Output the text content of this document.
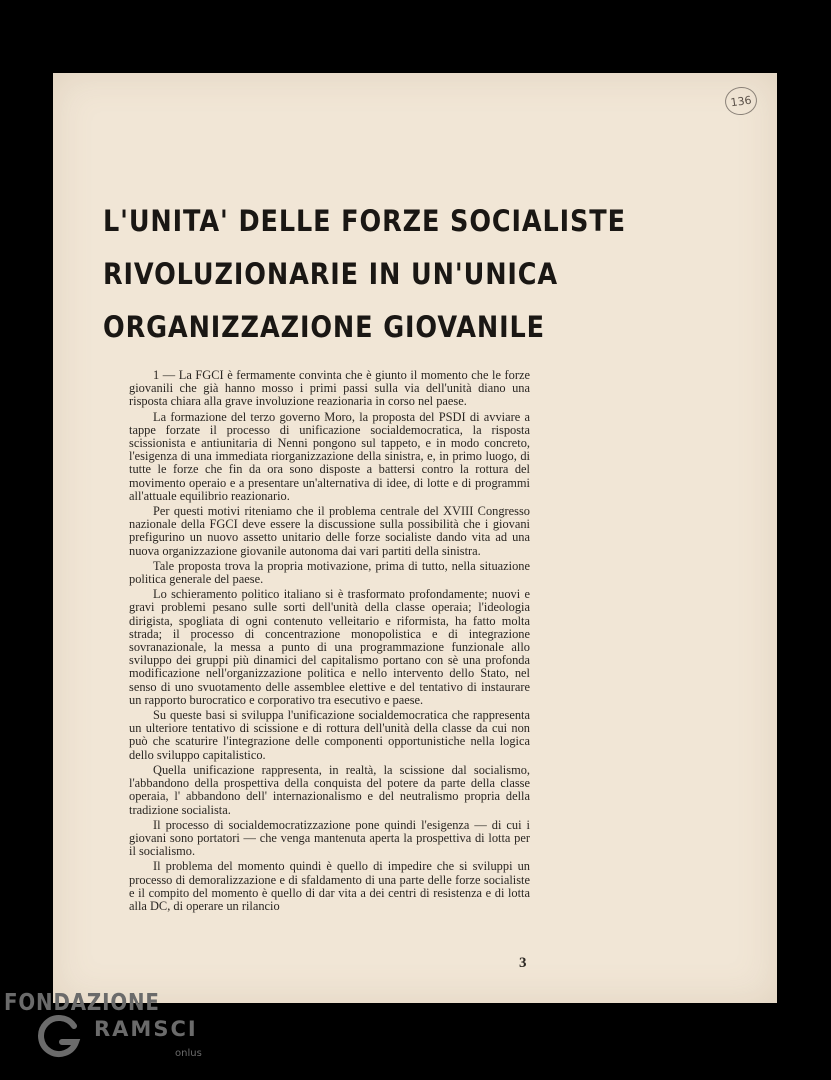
136
L'UNITA' DELLE FORZE SOCIALISTE
RIVOLUZIONARIE IN UN'UNICA
ORGANIZZAZIONE GIOVANILE

1 — La FGCI è fermamente convinta che è giunto il momento che le forze giovanili che già hanno mosso i primi passi sulla via dell'unità diano una risposta chiara alla grave involuzione reazionaria in corso nel paese.

La formazione del terzo governo Moro, la proposta del PSDI di avviare a tappe forzate il processo di unificazione socialdemocratica, la risposta scissionista e antiunitaria di Nenni pongono sul tappeto, e in modo concreto, l'esigenza di una immediata riorganizzazione della sinistra, e, in primo luogo, di tutte le forze che fin da ora sono disposte a battersi contro la rottura del movimento operaio e a presentare un'alternativa di idee, di lotte e di programmi all'attuale equilibrio reazionario.

Per questi motivi riteniamo che il problema centrale del XVIII Congresso nazionale della FGCI deve essere la discussione sulla possibilità che i giovani prefigurino un nuovo assetto unitario delle forze socialiste dando vita ad una nuova organizzazione giovanile autonoma dai vari partiti della sinistra.

Tale proposta trova la propria motivazione, prima di tutto, nella situazione politica generale del paese.

Lo schieramento politico italiano si è trasformato profondamente; nuovi e gravi problemi pesano sulle sorti dell'unità della classe operaia; l'ideologia dirigista, spogliata di ogni contenuto velleitario e riformista, ha fatto molta strada; il processo di concentrazione monopolistica e di integrazione sovranazionale, la messa a punto di una programmazione funzionale allo sviluppo dei gruppi più dinamici del capitalismo portano con sè una profonda modificazione nell'organizzazione politica e nello intervento dello Stato, nel senso di uno svuotamento delle assemblee elettive e del tentativo di instaurare un rapporto burocratico e corporativo tra esecutivo e paese.

Su queste basi si sviluppa l'unificazione socialdemocratica che rappresenta un ulteriore tentativo di scissione e di rottura dell'unità della classe da cui non può che scaturire l'integrazione delle componenti opportunistiche nella logica dello sviluppo capitalistico.

Quella unificazione rappresenta, in realtà, la scissione dal socialismo, l'abbandono della prospettiva della conquista del potere da parte della classe operaia, l' abbandono dell' internazionalismo e del neutralismo propria della tradizione socialista.

Il processo di socialdemocratizzazione pone quindi l'esigenza — di cui i giovani sono portatori — che venga mantenuta aperta la prospettiva di lotta per il socialismo.

Il problema del momento quindi è quello di impedire che si sviluppi un processo di demoralizzazione e di sfaldamento di una parte delle forze socialiste e il compito del momento è quello di dar vita a dei centri di resistenza e di lotta alla DC, di operare un rilancio

3
FONDAZIONE
RAMSCI
onlus
